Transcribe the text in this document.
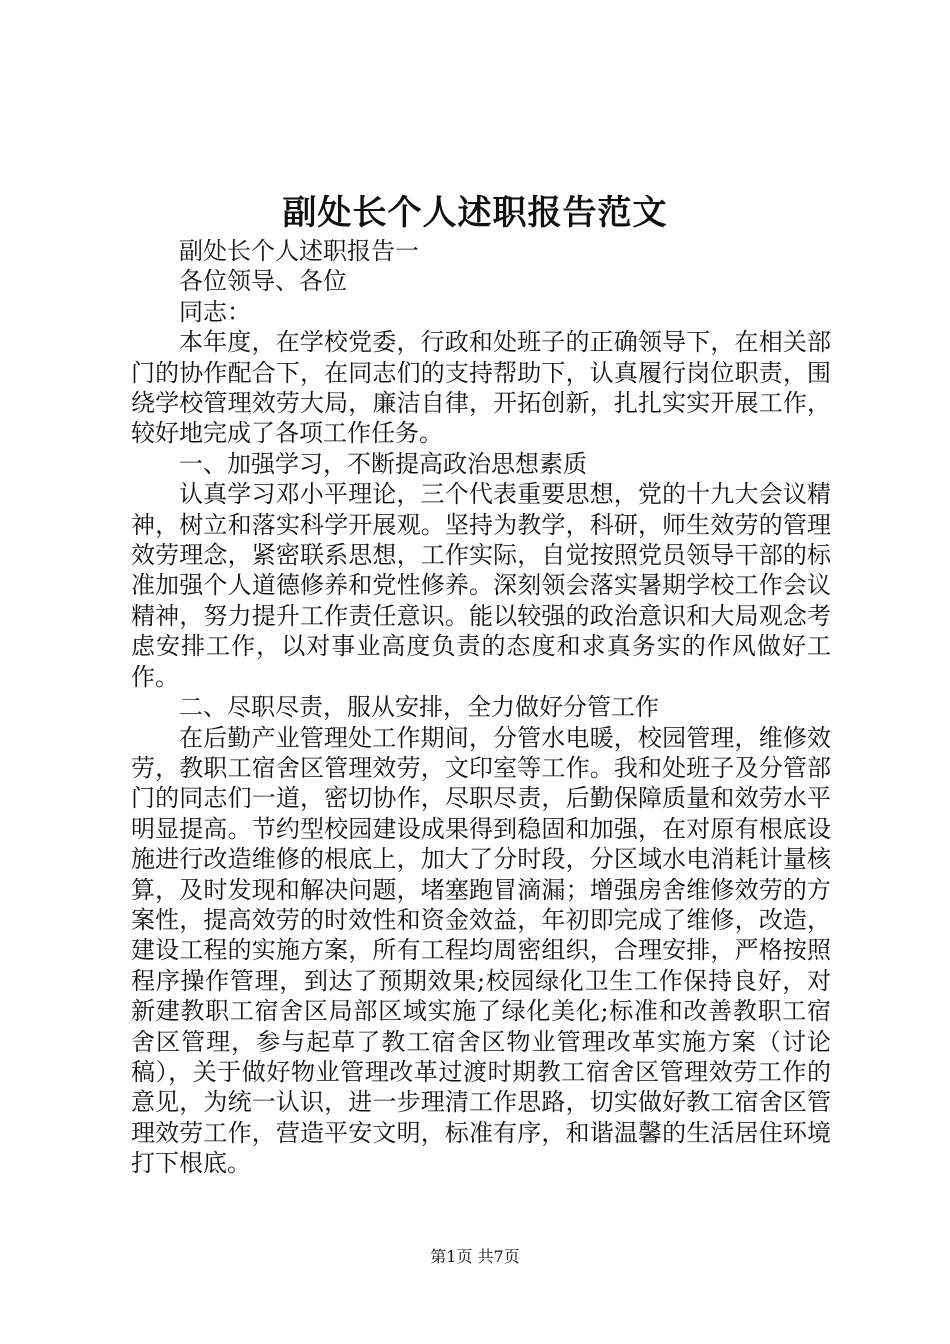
副处长个人述职报告范文

副处长个人述职报告一

各位领导、各位

同志：

本年度，在学校党委，行政和处班子的正确领导下，在相关部门的协作配合下，在同志们的支持帮助下，认真履行岗位职责，围绕学校管理效劳大局，廉洁自律，开拓创新，扎扎实实开展工作，较好地完成了各项工作任务。

一、加强学习，不断提高政治思想素质

认真学习邓小平理论，三个代表重要思想，党的十九大会议精神，树立和落实科学开展观。坚持为教学，科研，师生效劳的管理效劳理念，紧密联系思想，工作实际，自觉按照党员领导干部的标准加强个人道德修养和党性修养。深刻领会落实暑期学校工作会议精神，努力提升工作责任意识。能以较强的政治意识和大局观念考虑安排工作，以对事业高度负责的态度和求真务实的作风做好工作。

二、尽职尽责，服从安排，全力做好分管工作

在后勤产业管理处工作期间，分管水电暖，校园管理，维修效劳，教职工宿舍区管理效劳，文印室等工作。我和处班子及分管部门的同志们一道，密切协作，尽职尽责，后勤保障质量和效劳水平明显提高。节约型校园建设成果得到稳固和加强，在对原有根底设施进行改造维修的根底上，加大了分时段，分区域水电消耗计量核算，及时发现和解决问题，堵塞跑冒滴漏；增强房舍维修效劳的方案性，提高效劳的时效性和资金效益，年初即完成了维修，改造，建设工程的实施方案，所有工程均周密组织，合理安排，严格按照程序操作管理，到达了预期效果;校园绿化卫生工作保持良好，对新建教职工宿舍区局部区域实施了绿化美化;标准和改善教职工宿舍区管理，参与起草了教工宿舍区物业管理改革实施方案（讨论稿），关于做好物业管理改革过渡时期教工宿舍区管理效劳工作的意见，为统一认识，进一步理清工作思路，切实做好教工宿舍区管理效劳工作，营造平安文明，标准有序，和谐温馨的生活居住环境打下根底。

第1页 共7页
